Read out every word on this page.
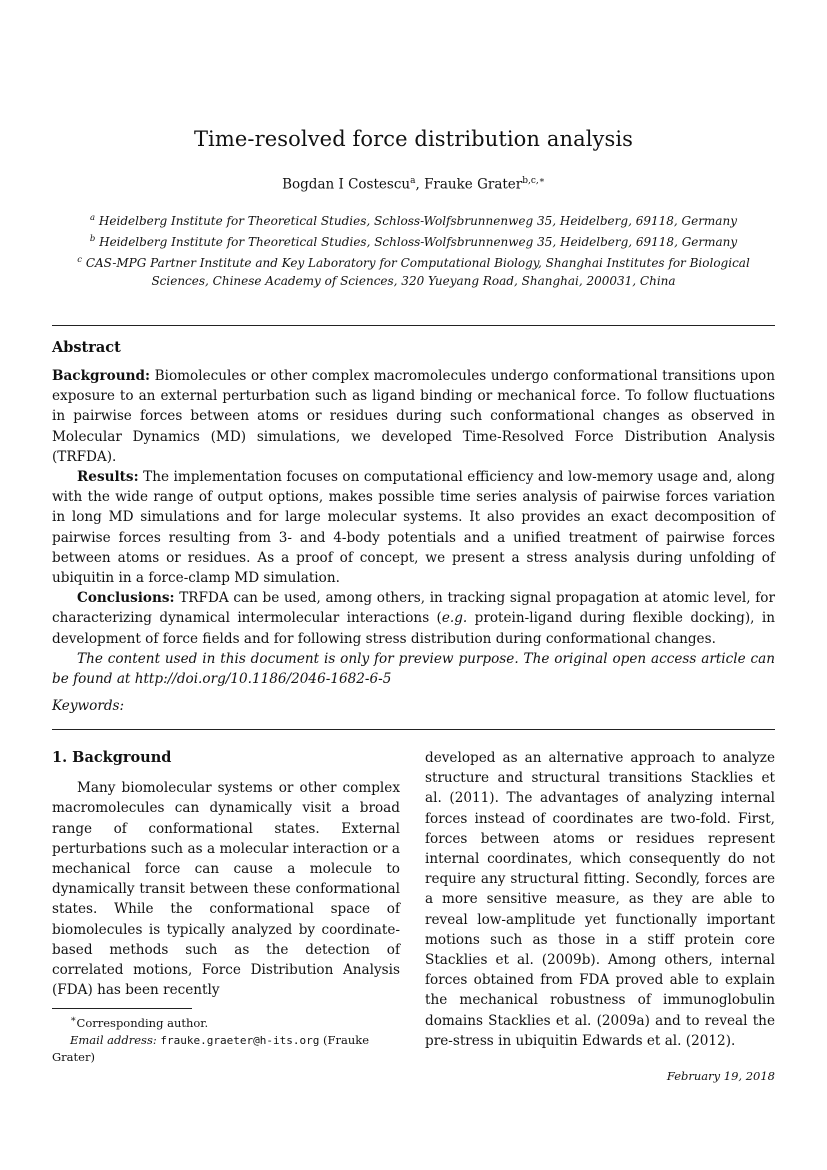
Time-resolved force distribution analysis
Bogdan I Costescu$^a$, Frauke Grater$^{b,c,∗}$
$^a$ Heidelberg Institute for Theoretical Studies, Schloss-Wolfsbrunnenweg 35, Heidelberg, 69118, Germany
$^b$ Heidelberg Institute for Theoretical Studies, Schloss-Wolfsbrunnenweg 35, Heidelberg, 69118, Germany
$^c$ CAS-MPG Partner Institute and Key Laboratory for Computational Biology, Shanghai Institutes for Biological
Sciences, Chinese Academy of Sciences, 320 Yueyang Road, Shanghai, 200031, China
Abstract

Background: Biomolecules or other complex macromolecules undergo conformational transitions upon exposure to an external perturbation such as ligand binding or mechanical force. To follow fluctuations in pairwise forces between atoms or residues during such conformational changes as observed in Molecular Dynamics (MD) simulations, we developed Time-Resolved Force Distribution Analysis (TRFDA).

Results: The implementation focuses on computational efficiency and low-memory usage and, along with the wide range of output options, makes possible time series analysis of pairwise forces variation in long MD simulations and for large molecular systems. It also provides an exact decomposition of pairwise forces resulting from 3- and 4-body potentials and a unified treatment of pairwise forces between atoms or residues. As a proof of concept, we present a stress analysis during unfolding of ubiquitin in a force-clamp MD simulation.

Conclusions: TRFDA can be used, among others, in tracking signal propagation at atomic level, for characterizing dynamical intermolecular interactions (e.g. protein-ligand during flexible docking), in development of force fields and for following stress distribution during conformational changes.

The content used in this document is only for preview purpose. The original open access article can be found at http://doi.org/10.1186/2046-1682-6-5

Keywords:
1. Background

Many biomolecular systems or other complex macromolecules can dynamically visit a broad range of conformational states. External perturbations such as a molecular interaction or a mechanical force can cause a molecule to dynamically transit between these conformational states. While the conformational space of biomolecules is typically analyzed by coordinate-based methods such as the detection of correlated motions, Force Distribution Analysis (FDA) has been recently

developed as an alternative approach to analyze structure and structural transitions Stacklies et al. (2011). The advantages of analyzing internal forces instead of coordinates are two-fold. First, forces between atoms or residues represent internal coordinates, which consequently do not require any structural fitting. Secondly, forces are a more sensitive measure, as they are able to reveal low-amplitude yet functionally important motions such as those in a stiff protein core Stacklies et al. (2009b). Among others, internal forces obtained from FDA proved able to explain the mechanical robustness of immunoglobulin domains Stacklies et al. (2009a) and to reveal the pre-stress in ubiquitin Edwards et al. (2012).

∗Corresponding author.

Email address: frauke.graeter@h-its.org (Frauke Grater)

February 19, 2018
